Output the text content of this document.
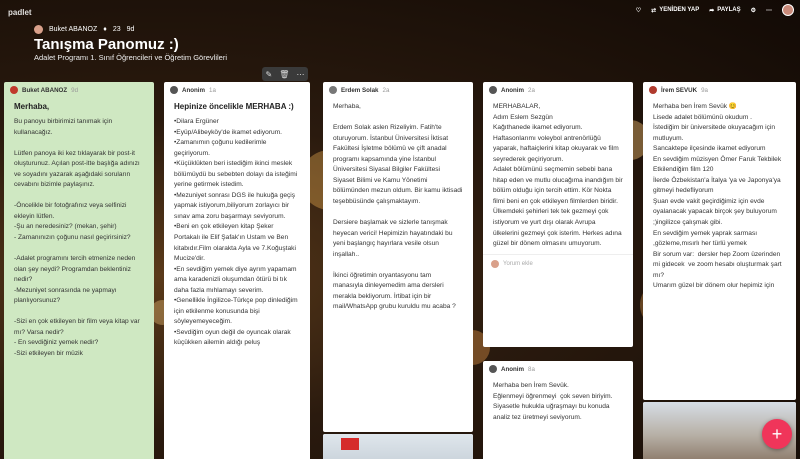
padlet	♡ ⇄ YENİDEN YAP ➦ PAYLAŞ ⚙ ⋯
Buket ABANOZ ♦ 23 9d
Tanışma Panomuz :)
Adalet Programı 1. Sınıf Öğrencileri ve Öğretim Görevlileri
✎ 🗑 ⋯
Buket ABANOZ 9d
Merhaba,
Bu panoyu birbirimizi tanımak için kullanacağız.

Lütfen panoya iki kez tıklayarak bir post-it oluşturunuz. Açılan post-itte başlığa adınızı ve soyadını yazarak aşağıdaki soruların cevabını bizimle paylaşınız.

-Öncelikle bir fotoğrafınız veya selfinizi ekleyin lütfen.
-Şu an neredesiniz? (mekan, şehir)
- Zamanınızın çoğunu nasıl geçirirsiniz?

-Adalet programını tercih etmenize neden olan şey neydi? Programdan beklentiniz nedir?
-Mezuniyet sonrasında ne yapmayı planlıyorsunuz?

-Sizi en çok etkileyen bir film veya kitap var mı? Varsa nedir?
- En sevdiğiniz yemek nedir?
-Sizi etkileyen bir müzik
Anonim 1a
Hepinize öncelikle MERHABA :)
•Dilara Ergüner
•Eyüp/Alibeyköy'de ikamet ediyorum.
•Zamanımın çoğunu kedilerimle geçiriyorum.
•Küçüklükten beri istediğim ikinci meslek bölümüydü bu sebebten dolayı da isteğimi yerine getirmek istedim.
•Mezuniyet sonrası DGS ile hukuğa geçiş yapmak istiyorum,biliyorum zorlayıcı bir sınav ama zoru başarmayı seviyorum.
•Beni en çok etkileyen kitap Şeker Portakalı ile Elif Şafak'ın Ustam ve Ben kitabıdır.Film olarakta Ayla ve 7.Koğuştaki Mucize'dir.
•En sevdiğim yemek diye ayrım yapamam ama karadenizli oluşumdan ötürü bi tık daha fazla mıhlamayı severim.
•Genellikle İngilizce-Türkçe pop dinlediğim için etkilenme konusunda bişi söyleyemeyeceğim.
•Sevdiğim oyun değil de oyuncak olarak küçükken ailemin aldığı peluş
Erdem Solak 2a
Merhaba,

Erdem Solak aslen Rizeliyim. Fatih'te oturuyorum. İstanbul Üniversitesi İktisat Fakültesi İşletme bölümü ve çift anadal programı kapsamında yine İstanbul Üniversitesi Siyasal Bilgiler Fakültesi Siyaset Bilimi ve Kamu Yönetimi bölümünden mezun oldum. Bir kamu iktisadi teşebbüsünde çalışmaktayım.

Dersiere başlamak ve sizlerle tanışmak heyecan verici! Hepimizin hayatındaki bu yeni başlangıç hayırlara vesile olsun inşallah..

İkinci öğretimin oryantasyonu tam manasıyla dinleyemedim ama dersleri merakla bekliyorum. İrtibat için bir mail/WhatsApp grubu kuruldu mu acaba ?
Anonim 2a
MERHABALAR,
Adım Eslem Sezgün
Kağıthanede ikamet ediyorum.
Haftasonlarımı voleybol antrenörlüğü yaparak, haftaiçlerini kitap okuyarak ve film seyrederek geçiriyorum.
Adalet bölümünü seçmemin sebebi bana hitap eden ve mutlu olucağıma inandığım bir bölüm olduğu için tercih ettim. Kör Nokta filmi beni en çok etkileyen filmlerden biridir. Ülkemdeki şehirleri tek tek gezmeyi çok istiyorum ve yurt dışı olarak Avrupa ülkelerini gezmeyi çok isterim. Herkes adına güzel bir dönem olmasını umuyorum.
Yorum ekle
Anonim 8a
Merhaba ben İrem Sevük.
Eğlenmeyi öğrenmeyi  çok seven biriyim.
Siyasetle hukukla uğraşmayı bu konuda analiz tez üretmeyi seviyorum.
İrem SEVUK 9a
Merhaba ben İrem Sevük 😊
Lisede adalet bölümünü okudum .
İstediğim bir üniversitede okuyacağım için mutluyum.
Sancaktepe ilçesinde ikamet ediyorum
En sevdiğim müzisyen Ömer Faruk Tekbilek
Etkilendiğim film 120
İlerde Özbekistan'a İtalya 'ya ve Japonya'ya gitmeyi hedefliyorum
Şuan evde vakit geçirdiğimiz için evde oyalanacak yapacak birçok şey buluyorum ;)ingilizce çalışmak gibi.
En sevdiğim yemek yaprak sarması ,gözleme,mısırlı her türlü yemek
Bir sorum var:  dersler hep Zoom üzerinden mi gidecek  ve zoom hesabı oluşturmak şart mı?
Umarım güzel bir dönem olur hepimiz için
+
